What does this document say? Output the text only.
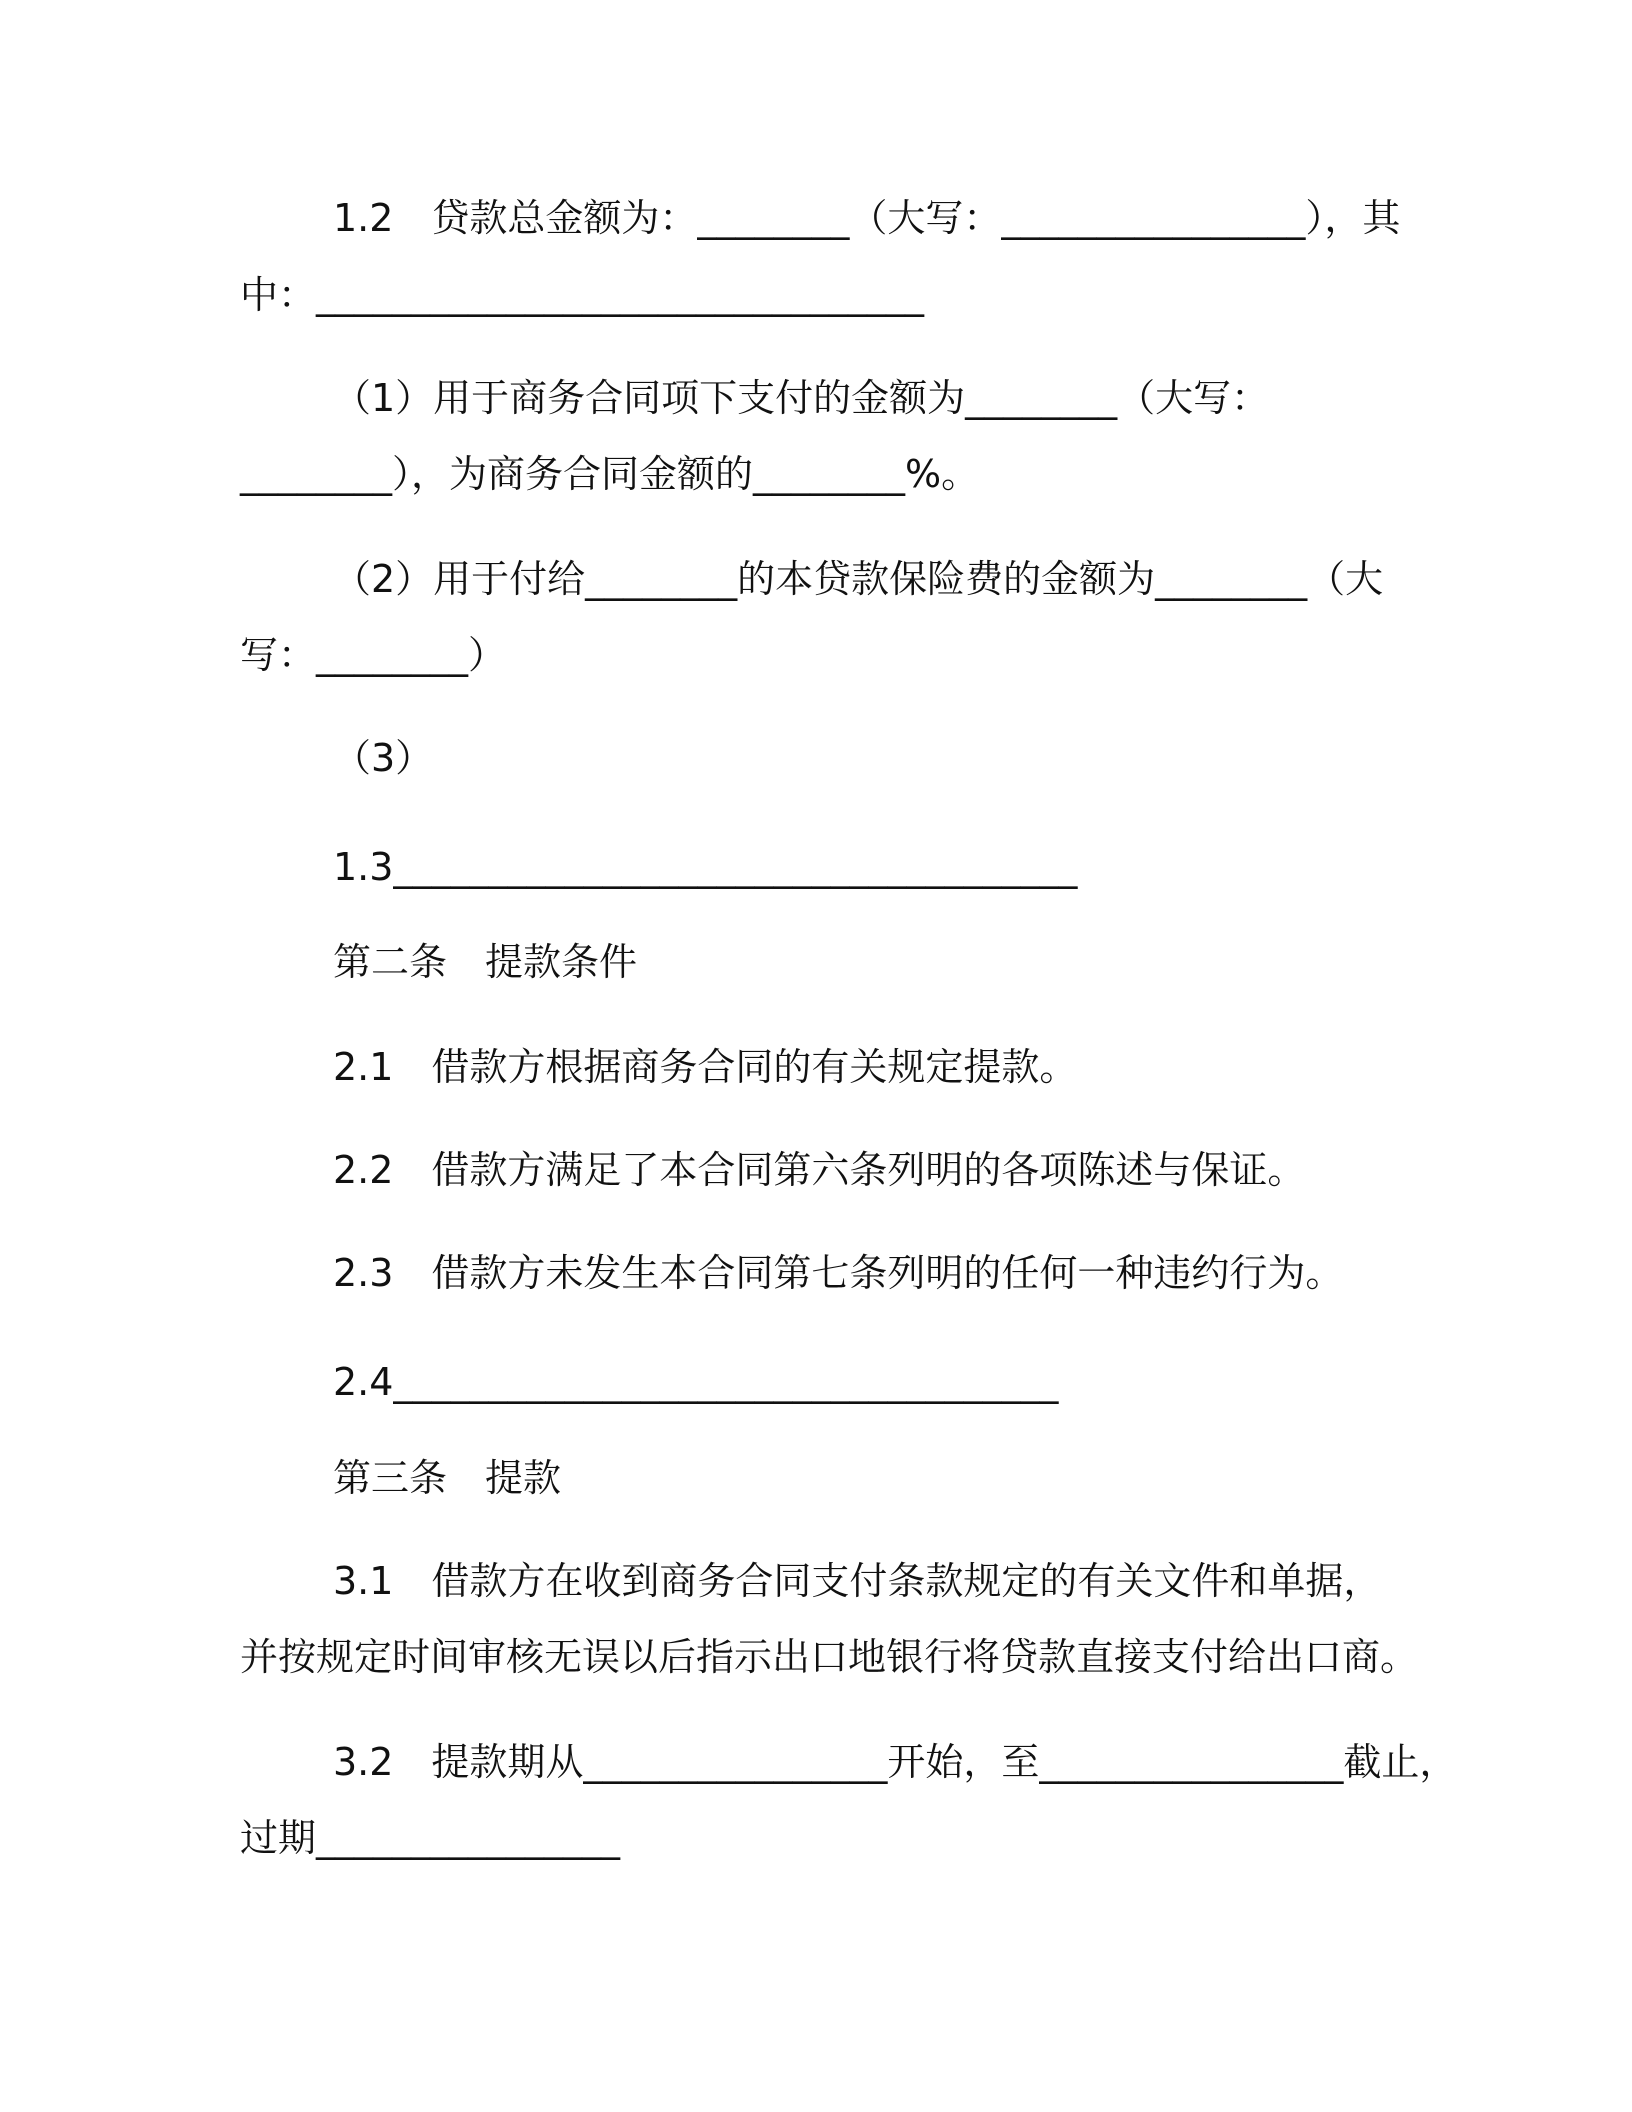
1.2　贷款总金额为：________（大写：________________），其
中：________________________________
（1）用于商务合同项下支付的金额为________（大写：
________），为商务合同金额的________%。
（2）用于付给________的本贷款保险费的金额为________（大
写：________）
（3）
1.3____________________________________
第二条　提款条件
2.1　借款方根据商务合同的有关规定提款。
2.2　借款方满足了本合同第六条列明的各项陈述与保证。
2.3　借款方未发生本合同第七条列明的任何一种违约行为。
2.4___________________________________
第三条　提款
3.1　借款方在收到商务合同支付条款规定的有关文件和单据，
并按规定时间审核无误以后指示出口地银行将贷款直接支付给出口商。
3.2　提款期从________________开始，至________________截止，
过期________________
